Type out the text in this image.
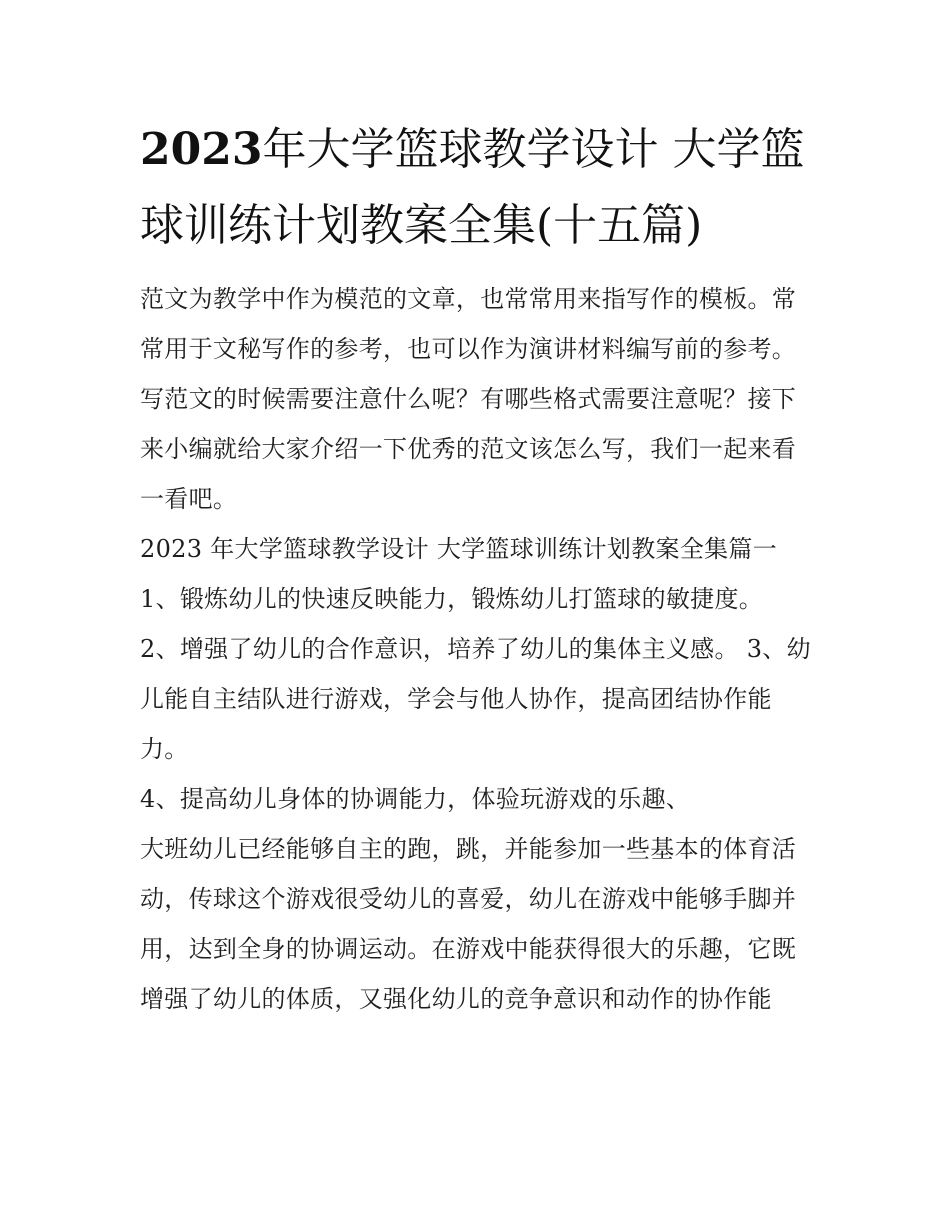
2023年大学篮球教学设计 大学篮球训练计划教案全集(十五篇)

范文为教学中作为模范的文章，也常常用来指写作的模板。常常用于文秘写作的参考，也可以作为演讲材料编写前的参考。写范文的时候需要注意什么呢？有哪些格式需要注意呢？接下来小编就给大家介绍一下优秀的范文该怎么写，我们一起来看一看吧。

2023 年大学篮球教学设计 大学篮球训练计划教案全集篇一

1、锻炼幼儿的快速反映能力，锻炼幼儿打篮球的敏捷度。

2、增强了幼儿的合作意识，培养了幼儿的集体主义感。 3、幼儿能自主结队进行游戏，学会与他人协作，提高团结协作能力。

4、提高幼儿身体的协调能力，体验玩游戏的乐趣、

大班幼儿已经能够自主的跑，跳，并能参加一些基本的体育活动，传球这个游戏很受幼儿的喜爱，幼儿在游戏中能够手脚并用，达到全身的协调运动。在游戏中能获得很大的乐趣，它既增强了幼儿的体质，又强化幼儿的竞争意识和动作的协作能
